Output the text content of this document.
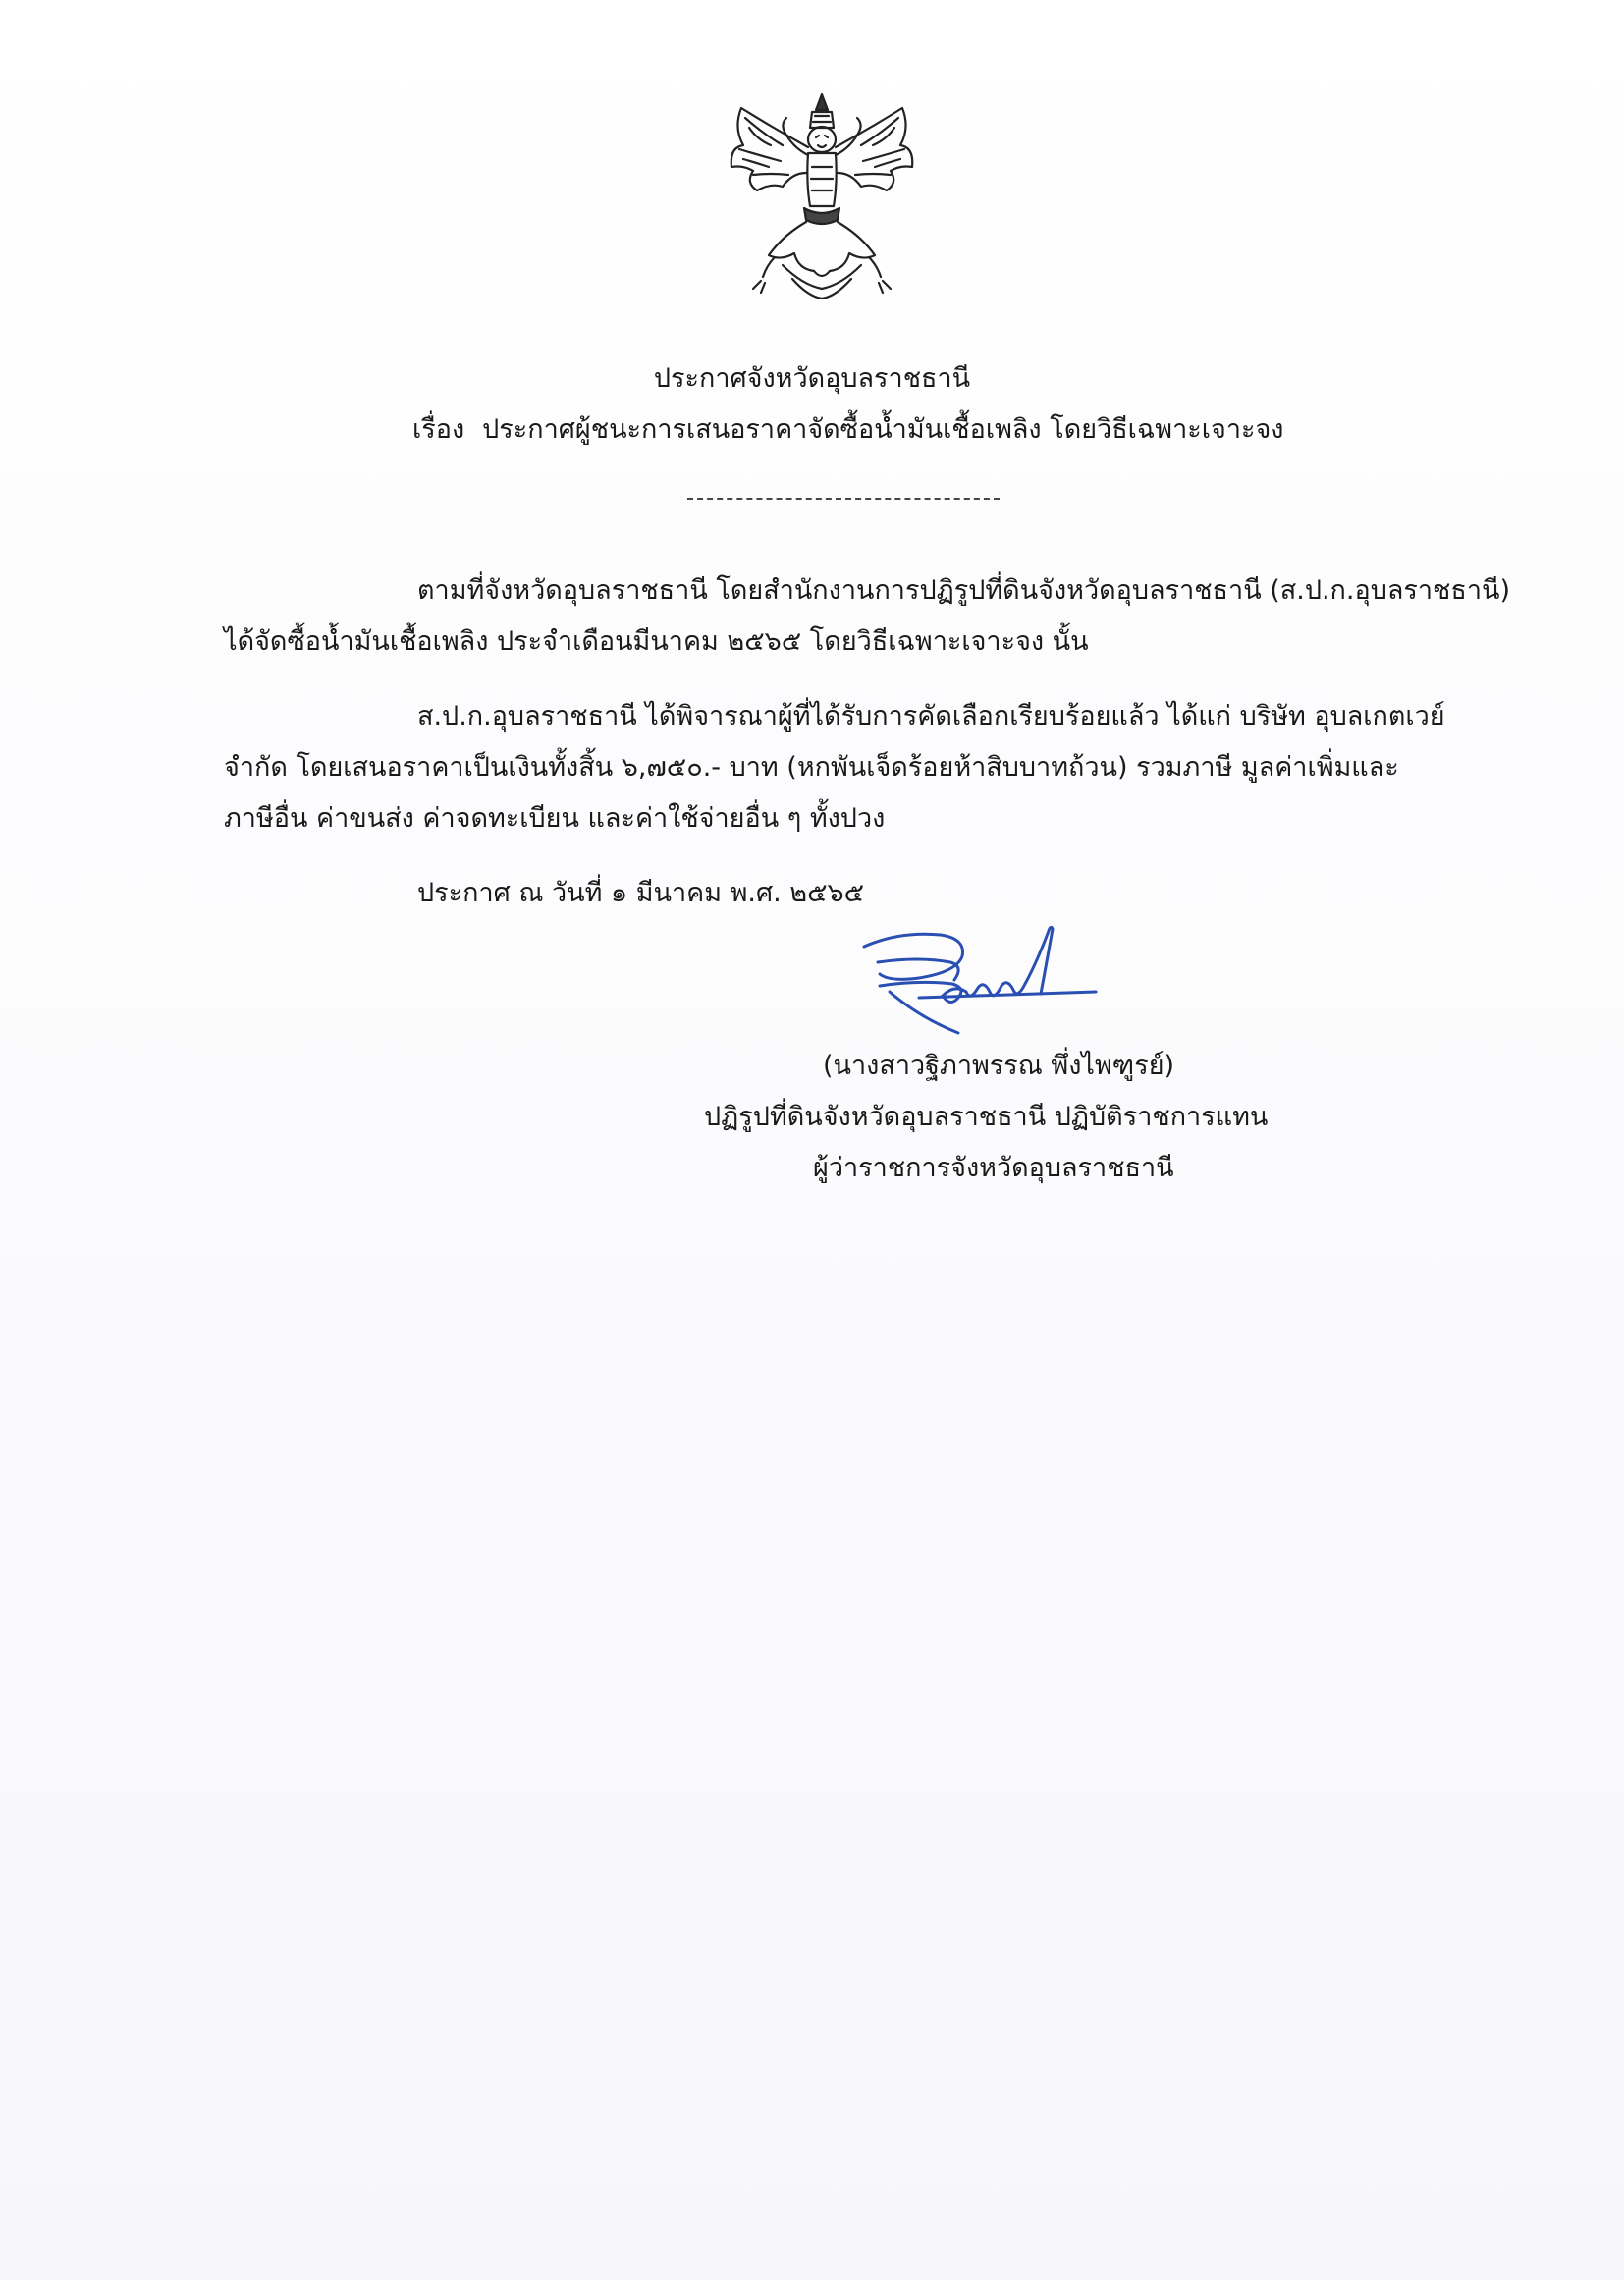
ประกาศจังหวัดอุบลราชธานี
เรื่อง ประกาศผู้ชนะการเสนอราคาจัดซื้อน้ำมันเชื้อเพลิง โดยวิธีเฉพาะเจาะจง
ตามที่จังหวัดอุบลราชธานี โดยสำนักงานการปฏิรูปที่ดินจังหวัดอุบลราชธานี (ส.ป.ก.อุบลราชธานี)
ได้จัดซื้อน้ำมันเชื้อเพลิง ประจำเดือนมีนาคม ๒๕๖๕ โดยวิธีเฉพาะเจาะจง นั้น
ส.ป.ก.อุบลราชธานี ได้พิจารณาผู้ที่ได้รับการคัดเลือกเรียบร้อยแล้ว ได้แก่ บริษัท อุบลเกตเวย์
จำกัด โดยเสนอราคาเป็นเงินทั้งสิ้น ๖,๗๕๐.- บาท (หกพันเจ็ดร้อยห้าสิบบาทถ้วน) รวมภาษี มูลค่าเพิ่มและ
ภาษีอื่น ค่าขนส่ง ค่าจดทะเบียน และค่าใช้จ่ายอื่น ๆ ทั้งปวง
ประกาศ ณ วันที่ ๑ มีนาคม พ.ศ. ๒๕๖๕
(นางสาวฐิภาพรรณ พึ่งไพฑูรย์)
ปฏิรูปที่ดินจังหวัดอุบลราชธานี ปฏิบัติราชการแทน
ผู้ว่าราชการจังหวัดอุบลราชธานี
